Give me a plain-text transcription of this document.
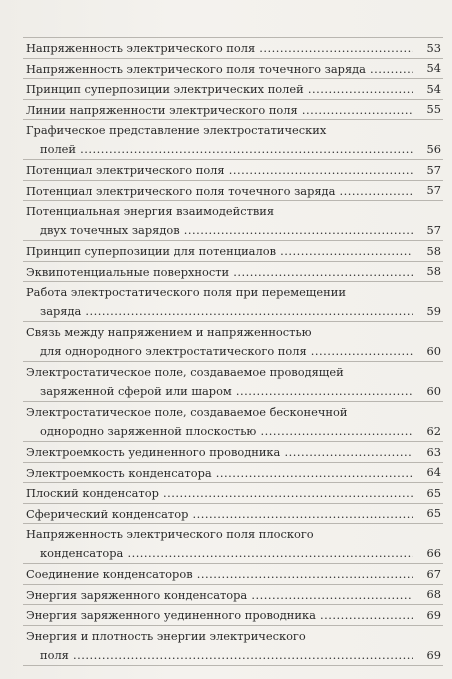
Напряженность электрического поля .....	53
Напряженность электрического поля точечного заряда .....	54
Принцип суперпозиции электрических полей .....	54
Линии напряженности электрического поля .....	55
Графическое представление электростатических
полей .....	56
Потенциал электрического поля .....	57
Потенциал электрического поля точечного заряда .....	57
Потенциальная энергия взаимодействия
двух точечных зарядов .....	57
Принцип суперпозиции для потенциалов .....	58
Эквипотенциальные поверхности .....	58
Работа электростатического поля при перемещении
заряда .....	59
Связь между напряжением и напряженностью
для однородного электростатического поля .....	60
Электростатическое поле, создаваемое проводящей
заряженной сферой или шаром .....	60
Электростатическое поле, создаваемое бесконечной
однородно заряженной плоскостью .....	62
Электроемкость уединенного проводника .....	63
Электроемкость конденсатора .....	64
Плоский конденсатор .....	65
Сферический конденсатор .....	65
Напряженность электрического поля плоского
конденсатора .....	66
Соединение конденсаторов .....	67
Энергия заряженного конденсатора .....	68
Энергия заряженного уединенного проводника .....	69
Энергия и плотность энергии электрического
поля .....	69
